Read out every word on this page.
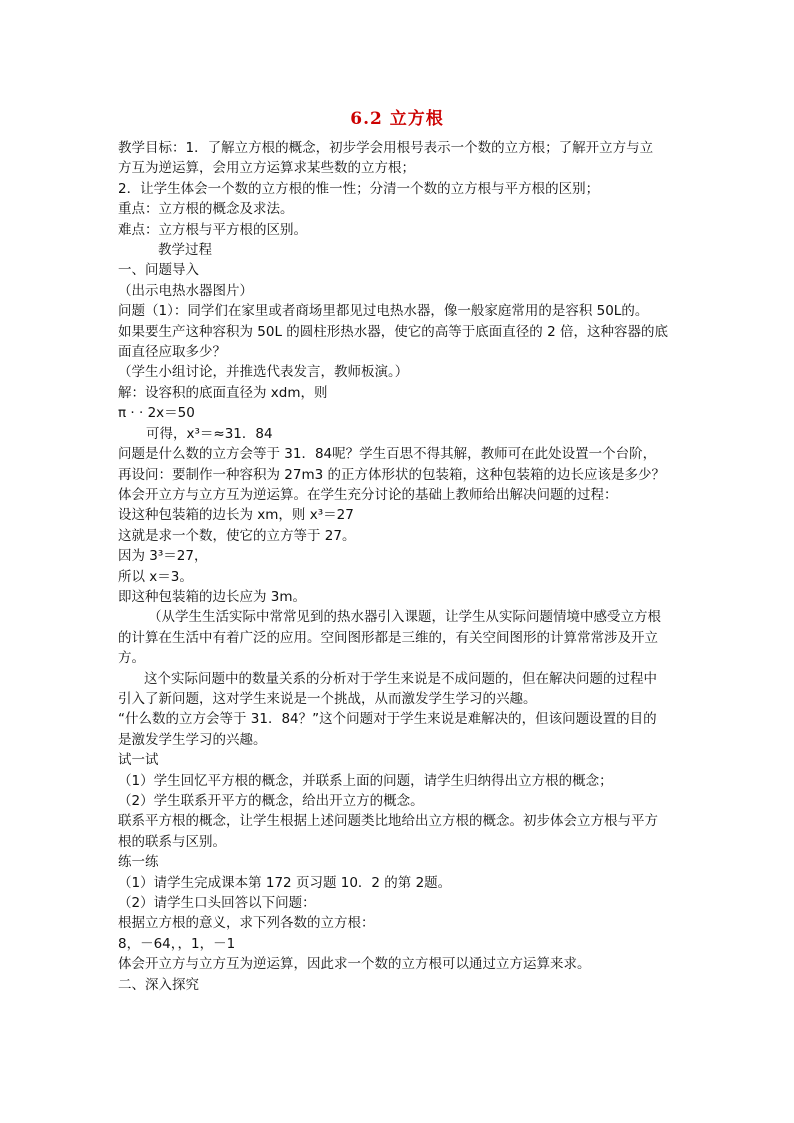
6.2 立方根

教学目标：1．了解立方根的概念，初步学会用根号表示一个数的立方根；了解开立方与立

方互为逆运算，会用立方运算求某些数的立方根；

2．让学生体会一个数的立方根的惟一性；分清一个数的立方根与平方根的区别；

重点：立方根的概念及求法。

难点：立方根与平方根的区别。

教学过程

一、问题导入

（出示电热水器图片）

问题（1）：同学们在家里或者商场里都见过电热水器，像一般家庭常用的是容积 50L的。

如果要生产这种容积为 50L 的圆柱形热水器，使它的高等于底面直径的 2 倍，这种容器的底

面直径应取多少？

（学生小组讨论，并推选代表发言，教师板演。）

解：设容积的底面直径为 xdm，则

π · · 2x＝50

可得，x³＝≈31．84

问题是什么数的立方会等于 31．84呢？学生百思不得其解，教师可在此处设置一个台阶，

再设问：要制作一种容积为 27m3 的正方体形状的包装箱，这种包装箱的边长应该是多少？

体会开立方与立方互为逆运算。在学生充分讨论的基础上教师给出解决问题的过程：

设这种包装箱的边长为 xm，则 x³＝27

这就是求一个数，使它的立方等于 27。

因为 3³＝27，

所以 x＝3。

即这种包装箱的边长应为 3m。

（从学生生活实际中常常见到的热水器引入课题，让学生从实际问题情境中感受立方根

的计算在生活中有着广泛的应用。空间图形都是三维的，有关空间图形的计算常常涉及开立

方。

这个实际问题中的数量关系的分析对于学生来说是不成问题的，但在解决问题的过程中

引入了新问题，这对学生来说是一个挑战，从而激发学生学习的兴趣。

“什么数的立方会等于 31．84？”这个问题对于学生来说是难解决的，但该问题设置的目的

是激发学生学习的兴趣。

试一试

（1）学生回忆平方根的概念，并联系上面的问题，请学生归纳得出立方根的概念；

（2）学生联系开平方的概念，给出开立方的概念。

联系平方根的概念，让学生根据上述问题类比地给出立方根的概念。初步体会立方根与平方

根的联系与区别。

练一练

（1）请学生完成课本第 172 页习题 10．2 的第 2题。

（2）请学生口头回答以下问题：

根据立方根的意义，求下列各数的立方根：

8，－64，，1，－1

体会开立方与立方互为逆运算，因此求一个数的立方根可以通过立方运算来求。

二、深入探究
